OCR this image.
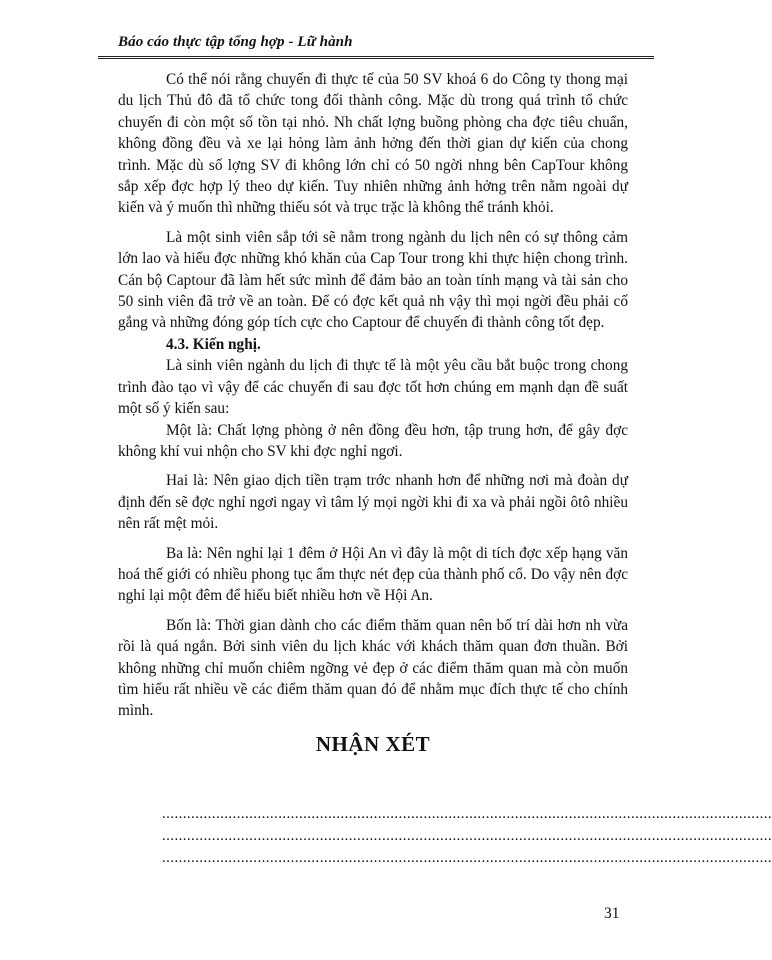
Báo cáo thực tập tổng hợp - Lữ hành

Có thể nói rằng chuyến đi thực tế của 50 SV khoá 6 do Công ty thong mại du lịch Thủ đô đã tổ chức tong đối thành công. Mặc dù trong quá trình tổ chức chuyến đi còn một số tồn tại nhỏ. Nh chất lợng buồng phòng cha đợc tiêu chuẩn, không đồng đều và xe lại hỏng làm ảnh hởng đến thời gian dự kiến của chong trình. Mặc dù số lợng SV đi không lớn chỉ có 50 ngời nhng bên CapTour không sắp xếp đợc hợp lý theo dự kiến. Tuy nhiên những ảnh hởng trên nằm ngoài dự kiến và ý muốn thì những thiếu sót và trục trặc là không thể tránh khỏi.

Là một sinh viên sắp tới sẽ nằm trong ngành du lịch nên có sự thông cảm lớn lao và hiểu đợc những khó khăn của Cap Tour trong khi thực hiện chong trình. Cán bộ Captour đã làm hết sức mình để đảm bảo an toàn tính mạng và tài sản cho 50 sinh viên đã trở về an toàn. Để có đợc kết quả nh vậy thì mọi ngời đều phải cố gắng và những đóng góp tích cực cho Captour để chuyến đi thành công tốt đẹp.

4.3. Kiến nghị.

Là sinh viên ngành du lịch đi thực tế là một yêu cầu bắt buộc trong chong trình đào tạo vì vậy để các chuyến đi sau đợc tốt hơn chúng em mạnh dạn đề suất một số ý kiến sau:

Một là: Chất lợng phòng ở nên đồng đều hơn, tập trung hơn, để gây đợc không khí vui nhộn cho SV khi đợc nghỉ ngơi.

Hai là: Nên giao dịch tiền trạm trớc nhanh hơn để những nơi mà đoàn dự định đến sẽ đợc nghỉ ngơi ngay vì tâm lý mọi ngời khi đi xa và phải ngồi ôtô nhiều nên rất mệt mỏi.

Ba là: Nên nghỉ lại 1 đêm ở Hội An vì đây là một di tích đợc xếp hạng văn hoá thế giới có nhiều phong tục ẩm thực nét đẹp của thành phố cổ. Do vậy nên đợc nghỉ lại một đêm để hiểu biết nhiều hơn về Hội An.

Bốn là: Thời gian dành cho các điểm thăm quan nên bố trí dài hơn nh vừa rồi là quá ngắn. Bởi sinh viên du lịch khác với khách thăm quan đơn thuần. Bởi không những chỉ muốn chiêm ngỡng vẻ đẹp ở các điểm thăm quan mà còn muốn tìm hiểu rất nhiều về các điểm thăm quan đó để nhằm mục đích thực tế cho chính mình.

NHẬN XÉT
...................................................................................................................................................
...................................................................................................................................................
...................................................................................................................................................
31
